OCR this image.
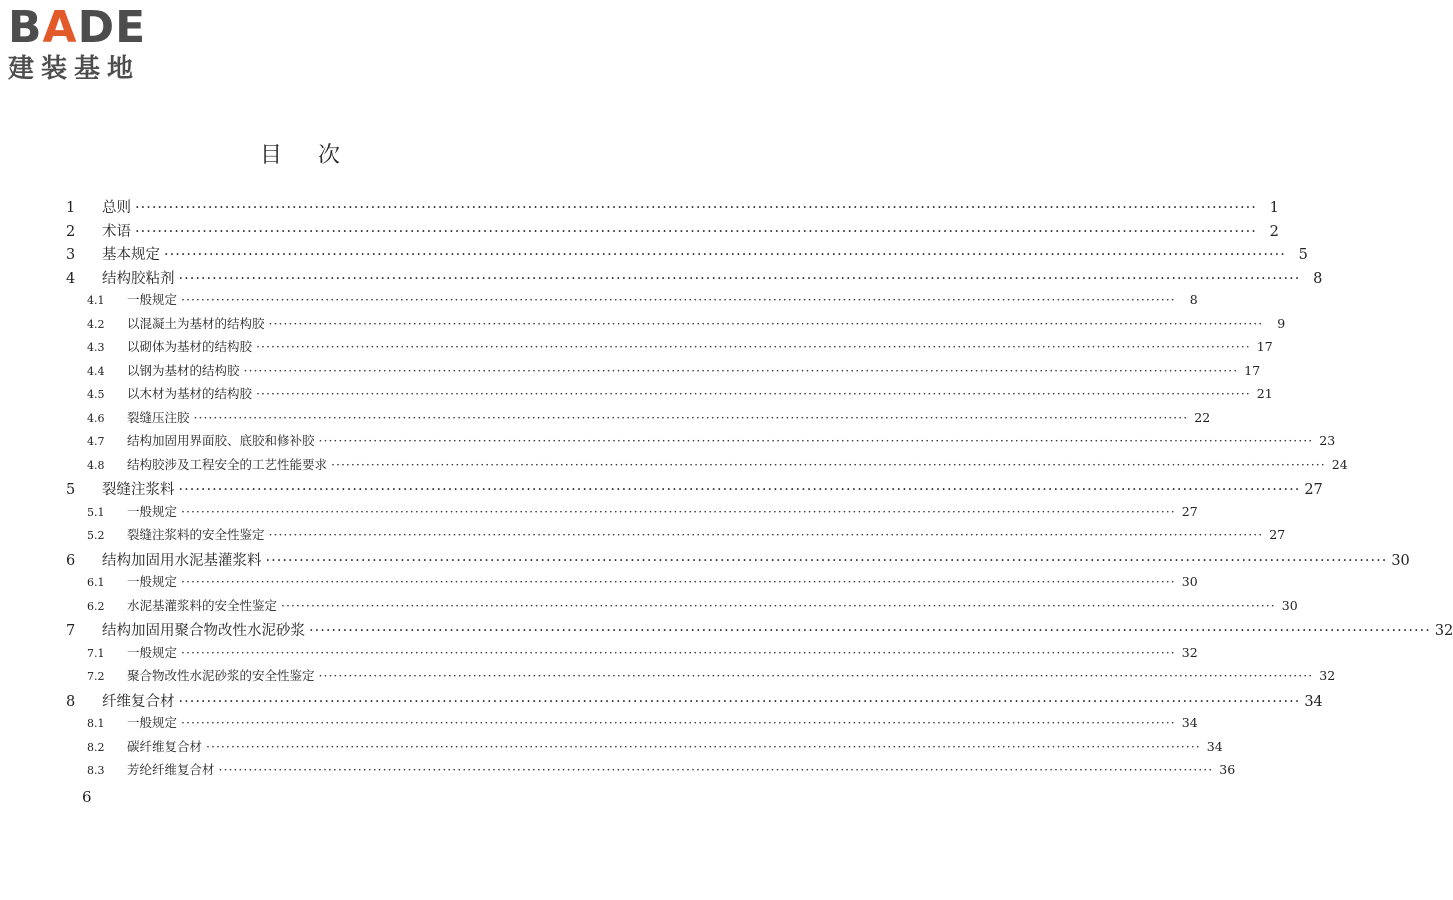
BADE
建装基地
目次
1	总则 ········································································································································································································ 1
2	术语 ········································································································································································································ 2
3	基本规定 ········································································································································································································ 5
4	结构胶粘剂 ········································································································································································································ 8
4.1	一般规定 ········································································································································································································	8
4.2	以混凝土为基材的结构胶 ········································································································································································································	9
4.3	以砌体为基材的结构胶 ········································································································································································································ 17
4.4	以钢为基材的结构胶 ········································································································································································································ 17
4.5	以木材为基材的结构胶 ········································································································································································································ 21
4.6	裂缝压注胶 ········································································································································································································ 22
4.7	结构加固用界面胶、底胶和修补胶 ········································································································································································································ 23
4.8	结构胶涉及工程安全的工艺性能要求 ········································································································································································································ 24
5	裂缝注浆料 ········································································································································································································ 27
5.1	一般规定 ········································································································································································································ 27
5.2	裂缝注浆料的安全性鉴定 ········································································································································································································ 27
6	结构加固用水泥基灌浆料 ········································································································································································································ 30
6.1	一般规定 ········································································································································································································ 30
6.2	水泥基灌浆料的安全性鉴定 ········································································································································································································ 30
7	结构加固用聚合物改性水泥砂浆 ········································································································································································································ 32
7.1	一般规定 ········································································································································································································ 32
7.2	聚合物改性水泥砂浆的安全性鉴定 ········································································································································································································ 32
8	纤维复合材 ········································································································································································································ 34
8.1	一般规定 ········································································································································································································ 34
8.2	碳纤维复合材 ········································································································································································································ 34
8.3	芳纶纤维复合材 ········································································································································································································ 36
6
